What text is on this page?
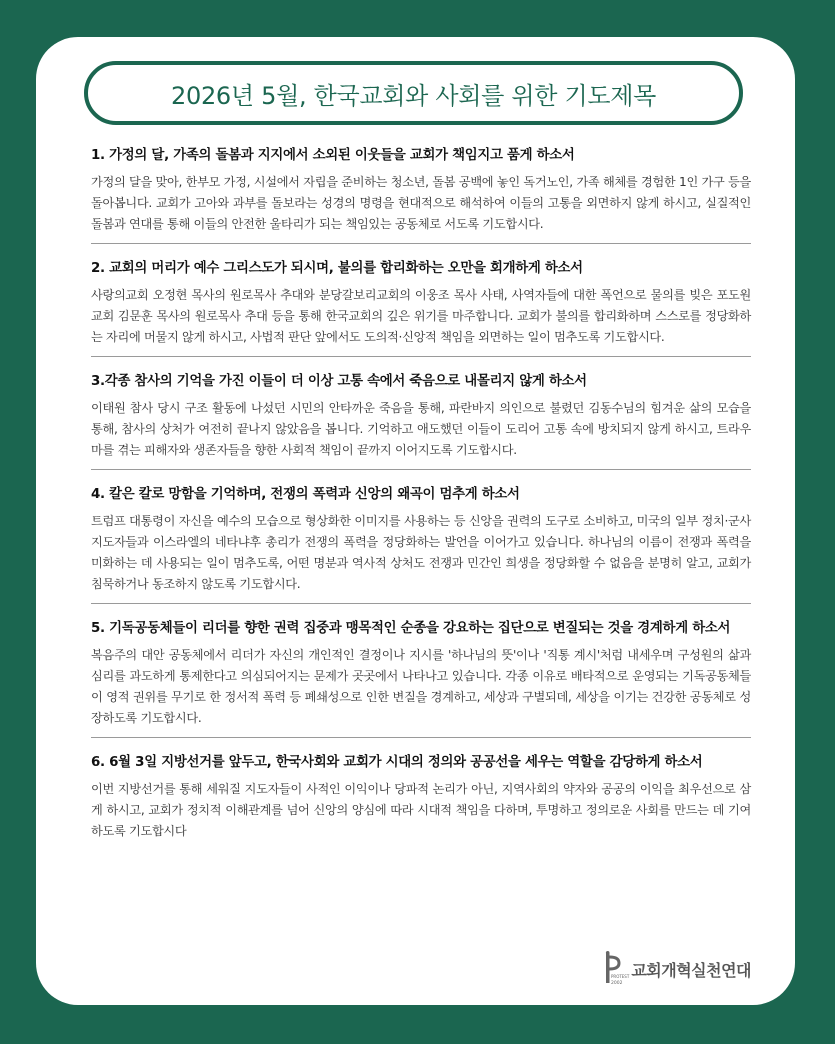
2026년 5월, 한국교회와 사회를 위한 기도제목
1. 가정의 달, 가족의 돌봄과 지지에서 소외된 이웃들을 교회가 책임지고 품게 하소서

가정의 달을 맞아, 한부모 가정, 시설에서 자립을 준비하는 청소년, 돌봄 공백에 놓인 독거노인, 가족 해체를 경험한 1인 가구 등을 돌아봅니다. 교회가 고아와 과부를 돌보라는 성경의 명령을 현대적으로 해석하여 이들의 고통을 외면하지 않게 하시고, 실질적인 돌봄과 연대를 통해 이들의 안전한 울타리가 되는 책임있는 공동체로 서도록 기도합시다.

2. 교회의 머리가 예수 그리스도가 되시며, 불의를 합리화하는 오만을 회개하게 하소서

사랑의교회 오정현 목사의 원로목사 추대와 분당갈보리교회의 이웅조 목사 사태, 사역자들에 대한 폭언으로 물의를 빚은 포도원 교회 김문훈 목사의 원로목사 추대 등을 통해 한국교회의 깊은 위기를 마주합니다. 교회가 불의를 합리화하며 스스로를 정당화하는 자리에 머물지 않게 하시고, 사법적 판단 앞에서도 도의적·신앙적 책임을 외면하는 일이 멈추도록 기도합시다.

3.각종 참사의 기억을 가진 이들이 더 이상 고통 속에서 죽음으로 내몰리지 않게 하소서

이태원 참사 당시 구조 활동에 나섰던 시민의 안타까운 죽음을 통해, 파란바지 의인으로 불렸던 김동수님의 힘겨운 삶의 모습을 통해, 참사의 상처가 여전히 끝나지 않았음을 봅니다. 기억하고 애도했던 이들이 도리어 고통 속에 방치되지 않게 하시고, 트라우마를 겪는 피해자와 생존자들을 향한 사회적 책임이 끝까지 이어지도록 기도합시다.

4. 칼은 칼로 망함을 기억하며, 전쟁의 폭력과 신앙의 왜곡이 멈추게 하소서

트럼프 대통령이 자신을 예수의 모습으로 형상화한 이미지를 사용하는 등 신앙을 권력의 도구로 소비하고, 미국의 일부 정치·군사 지도자들과 이스라엘의 네타냐후 총리가 전쟁의 폭력을 정당화하는 발언을 이어가고 있습니다. 하나님의 이름이 전쟁과 폭력을 미화하는 데 사용되는 일이 멈추도록, 어떤 명분과 역사적 상처도 전쟁과 민간인 희생을 정당화할 수 없음을 분명히 알고, 교회가 침묵하거나 동조하지 않도록 기도합시다.

5. 기독공동체들이 리더를 향한 권력 집중과 맹목적인 순종을 강요하는 집단으로 변질되는 것을 경계하게 하소서

복음주의 대안 공동체에서 리더가 자신의 개인적인 결정이나 지시를 '하나님의 뜻'이나 '직통 계시'처럼 내세우며 구성원의 삶과 심리를 과도하게 통제한다고 의심되어지는 문제가 곳곳에서 나타나고 있습니다. 각종 이유로 배타적으로 운영되는 기독공동체들이 영적 권위를 무기로 한 정서적 폭력 등 폐쇄성으로 인한 변질을 경계하고, 세상과 구별되데, 세상을 이기는 건강한 공동체로 성장하도록 기도합시다.

6. 6월 3일 지방선거를 앞두고, 한국사회와 교회가 시대의 정의와 공공선을 세우는 역할을 감당하게 하소서

이번 지방선거를 통해 세워질 지도자들이 사적인 이익이나 당파적 논리가 아닌, 지역사회의 약자와 공공의 이익을 최우선으로 삼게 하시고, 교회가 정치적 이해관계를 넘어 신앙의 양심에 따라 시대적 책임을 다하며, 투명하고 정의로운 사회를 만드는 데 기여하도록 기도합시다

PROTEST
2002
교회개혁실천연대
